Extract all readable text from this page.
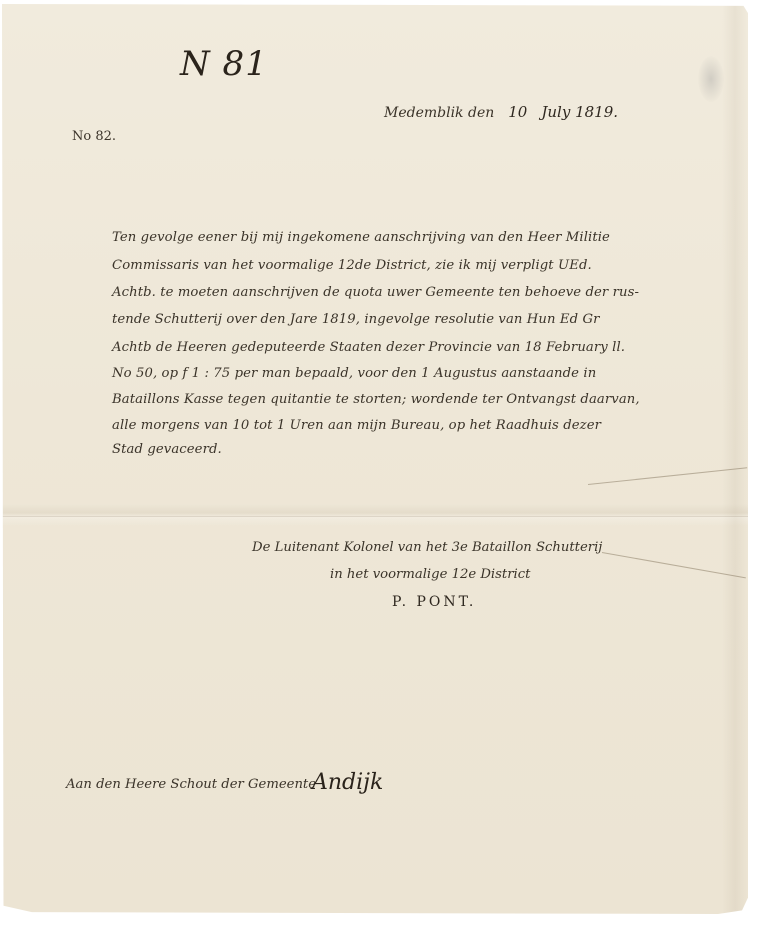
N 81
Medemblik den 10 July 1819.
No 82.
Ten gevolge eener bij mij ingekomene aanschrijving van den Heer Militie
Commissaris van het voormalige 12de District, zie ik mij verpligt UEd.
Achtb. te moeten aanschrijven de quota uwer Gemeente ten behoeve der rus-
tende Schutterij over den Jare 1819, ingevolge resolutie van Hun Ed Gr
Achtb de Heeren gedeputeerde Staaten dezer Provincie van 18 February ll.
No 50, op f 1 : 75 per man bepaald, voor den 1 Augustus aanstaande in
Bataillons Kasse tegen quitantie te storten; wordende ter Ontvangst daarvan,
alle morgens van 10 tot 1 Uren aan mijn Bureau, op het Raadhuis dezer
Stad gevaceerd.
De Luitenant Kolonel van het 3e Bataillon Schutterij
in het voormalige 12e District
P. PONT.
Aan den Heere Schout der Gemeente
Andijk
